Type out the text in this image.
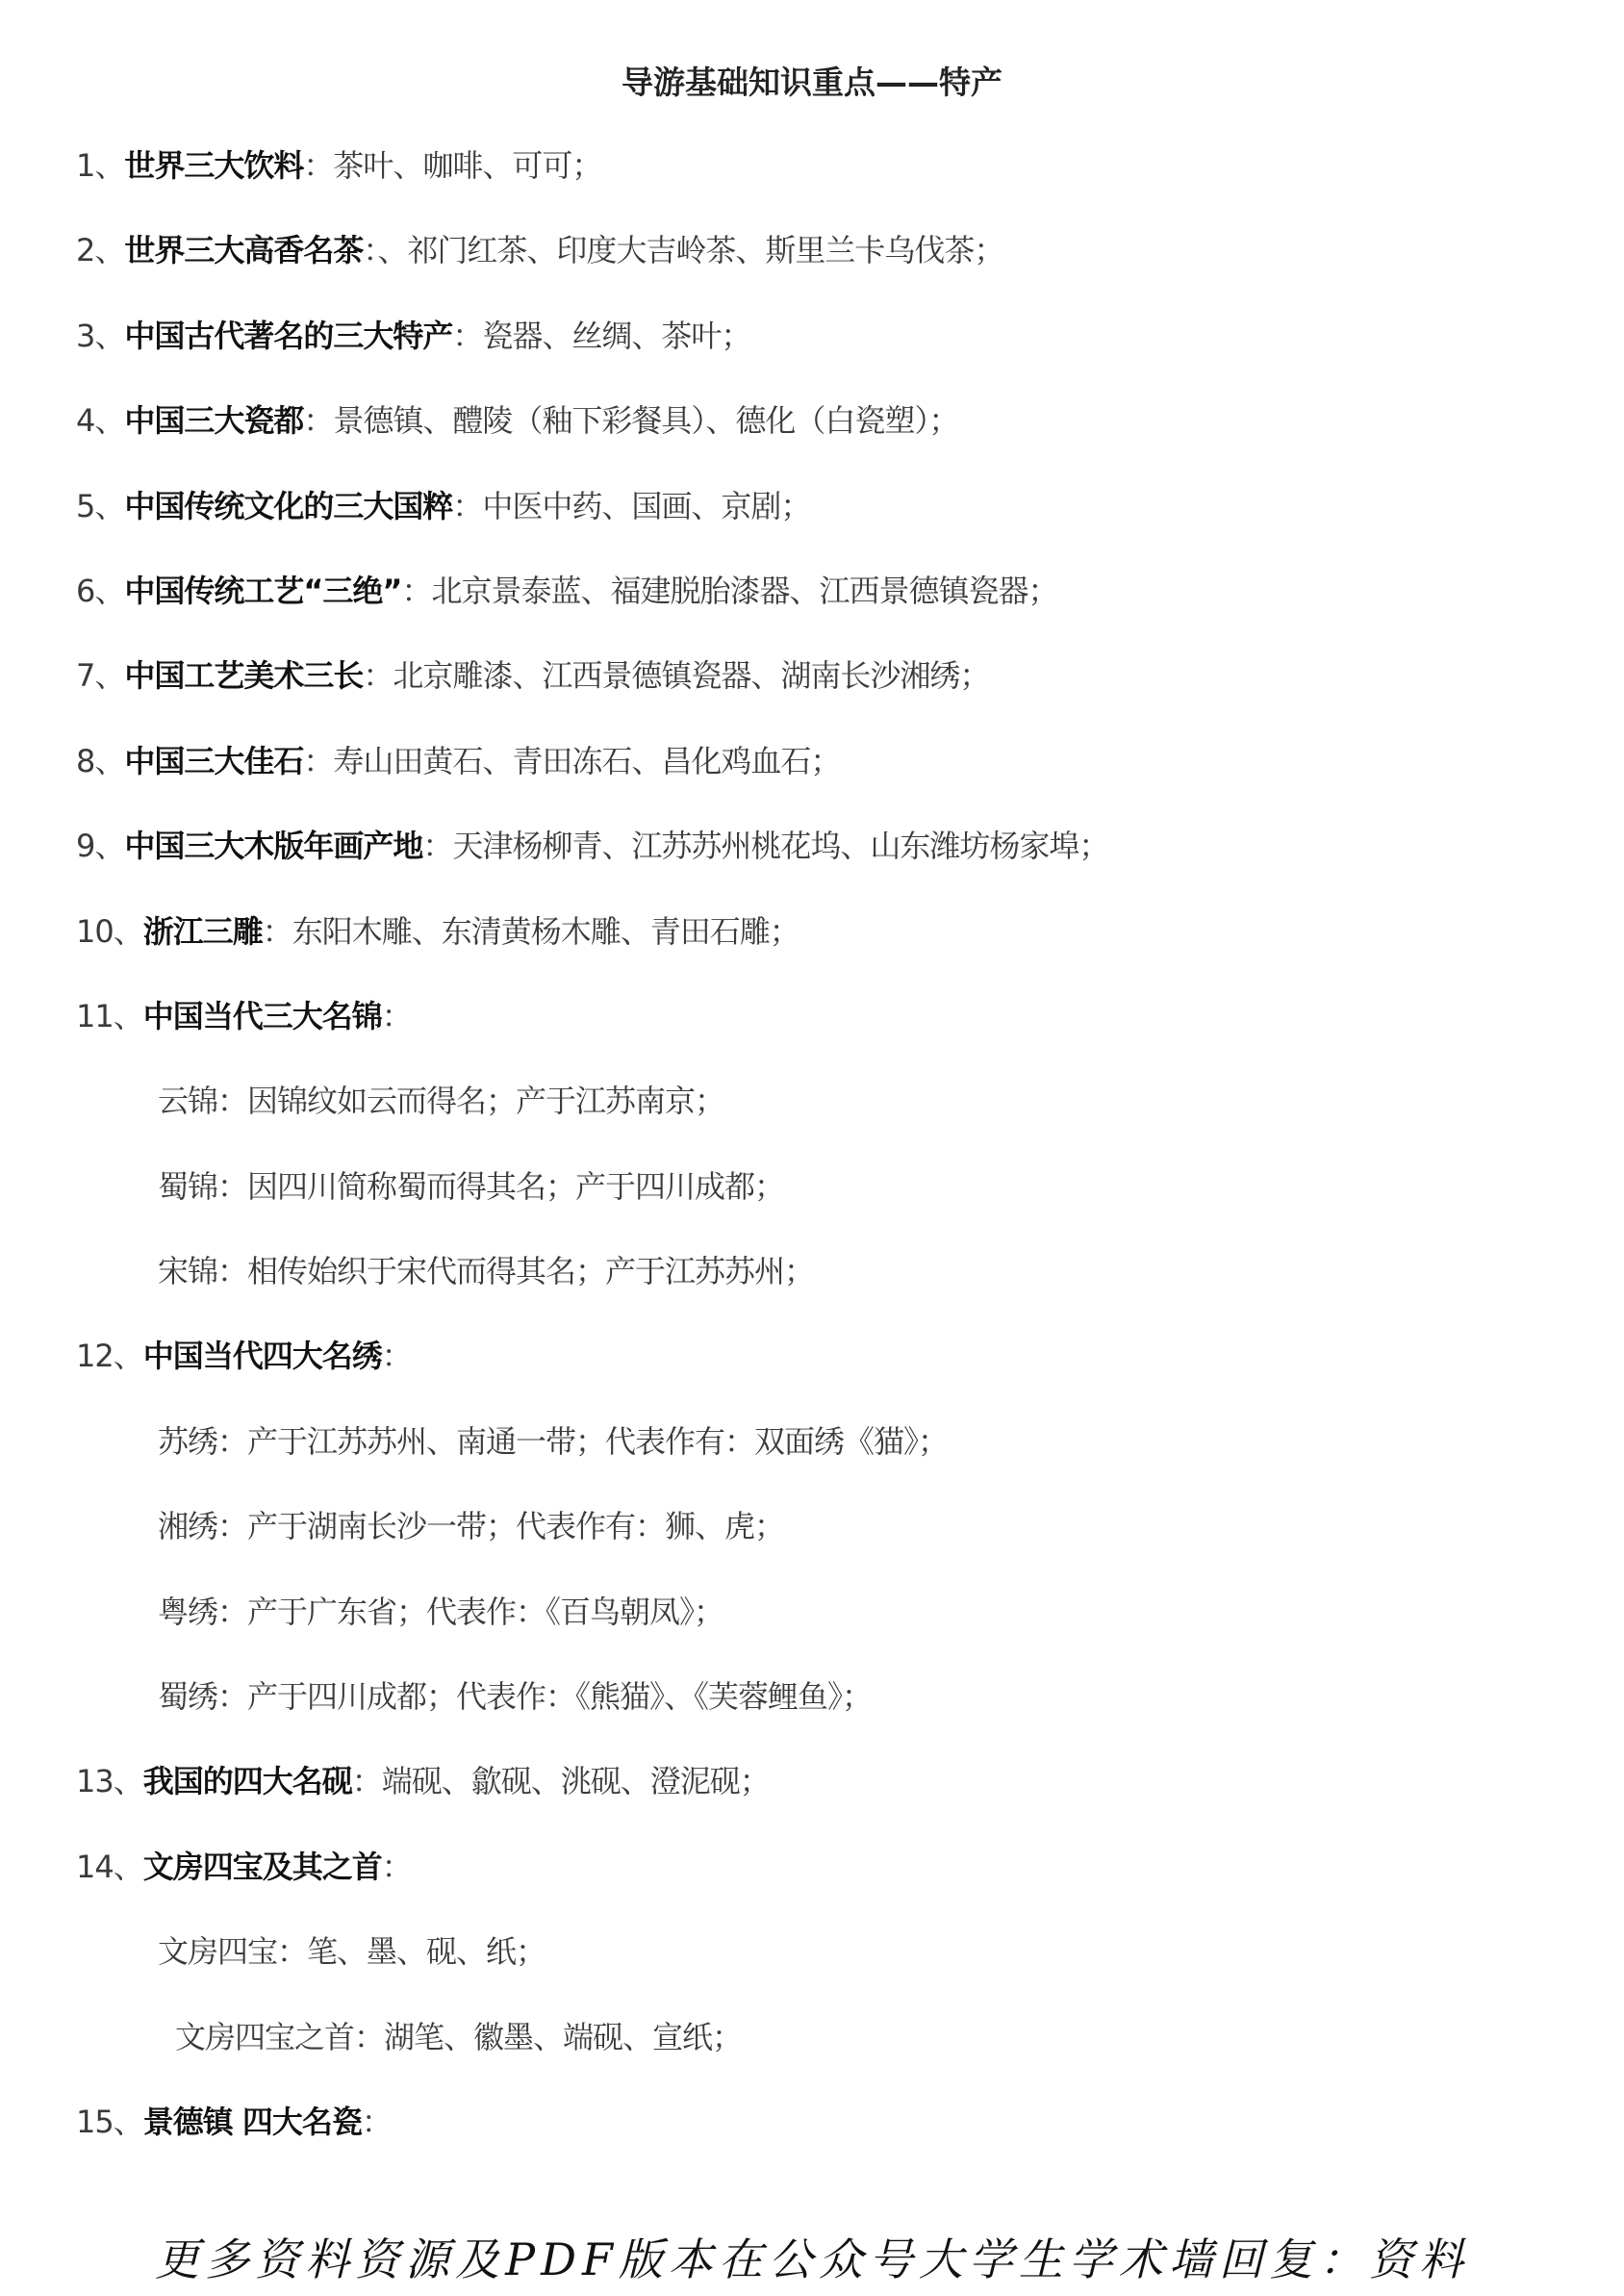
导游基础知识重点——特产
1、世界三大饮料：茶叶、咖啡、可可；
2、世界三大高香名茶：、祁门红茶、印度大吉岭茶、斯里兰卡乌伐茶；
3、中国古代著名的三大特产：瓷器、丝绸、茶叶；
4、中国三大瓷都：景德镇、醴陵（釉下彩餐具）、德化（白瓷塑）；
5、中国传统文化的三大国粹：中医中药、国画、京剧；
6、中国传统工艺“三绝”：北京景泰蓝、福建脱胎漆器、江西景德镇瓷器；
7、中国工艺美术三长：北京雕漆、江西景德镇瓷器、湖南长沙湘绣；
8、中国三大佳石：寿山田黄石、青田冻石、昌化鸡血石；
9、中国三大木版年画产地：天津杨柳青、江苏苏州桃花坞、山东潍坊杨家埠；
10、浙江三雕：东阳木雕、东清黄杨木雕、青田石雕；
11、中国当代三大名锦：
云锦：因锦纹如云而得名；产于江苏南京；
蜀锦：因四川简称蜀而得其名；产于四川成都；
宋锦：相传始织于宋代而得其名；产于江苏苏州；
12、中国当代四大名绣：
苏绣：产于江苏苏州、南通一带；代表作有：双面绣《猫》；
湘绣：产于湖南长沙一带；代表作有：狮、虎；
粤绣：产于广东省；代表作：《百鸟朝凤》；
蜀绣：产于四川成都；代表作：《熊猫》、《芙蓉鲤鱼》；
13、我国的四大名砚：端砚、歙砚、洮砚、澄泥砚；
14、文房四宝及其之首：
文房四宝：笔、墨、砚、纸；
文房四宝之首：湖笔、徽墨、端砚、宣纸；
15、景德镇 四大名瓷：
更多资料资源及PDF版本在公众号大学生学术墙回复：资料
